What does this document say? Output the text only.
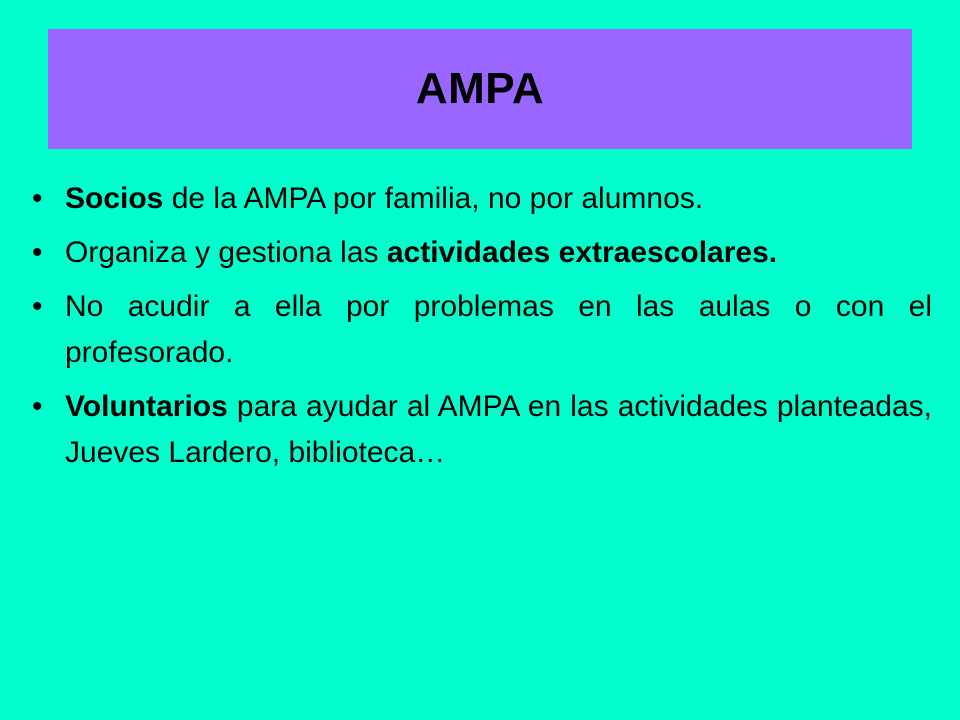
AMPA
• Socios de la AMPA por familia, no por alumnos.
• Organiza y gestiona las actividades extraescolares.
• No acudir a ella por problemas en las aulas o con el profesorado.
• Voluntarios para ayudar al AMPA en las actividades planteadas, Jueves Lardero, biblioteca…
